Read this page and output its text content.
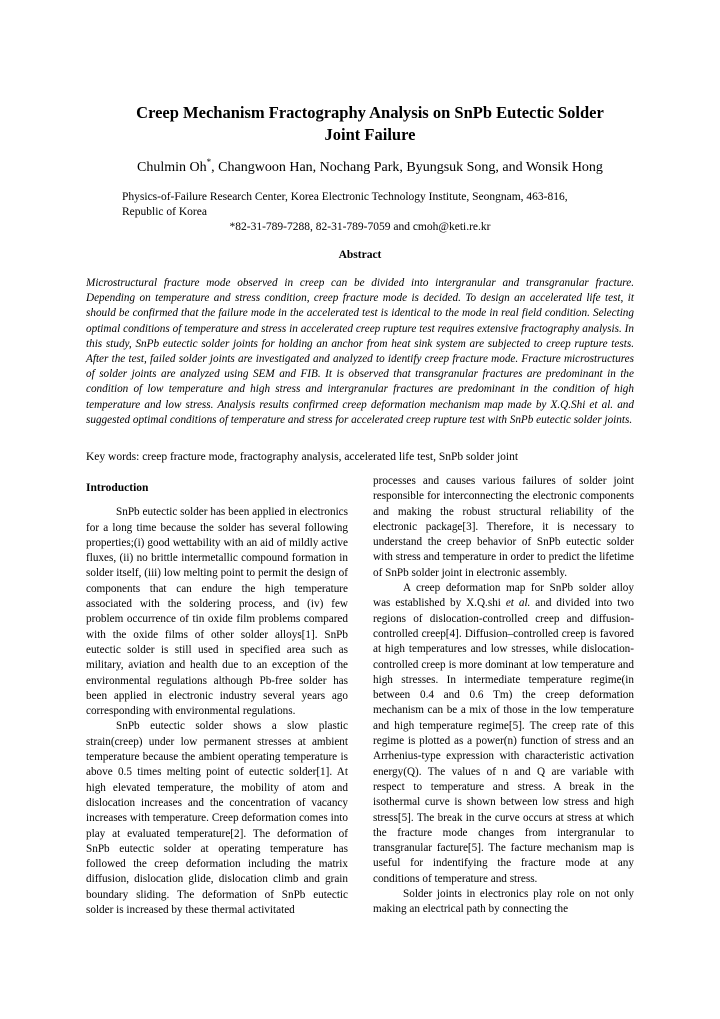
Creep Mechanism Fractography Analysis on SnPb Eutectic Solder
Joint Failure
Chulmin Oh*, Changwoon Han, Nochang Park, Byungsuk Song, and Wonsik Hong
Physics-of-Failure Research Center, Korea Electronic Technology Institute, Seongnam, 463-816,
Republic of Korea
*82-31-789-7288, 82-31-789-7059 and cmoh@keti.re.kr
Abstract

Microstructural fracture mode observed in creep can be divided into intergranular and transgranular fracture. Depending on temperature and stress condition, creep fracture mode is decided. To design an accelerated life test, it should be confirmed that the failure mode in the accelerated test is identical to the mode in real field condition. Selecting optimal conditions of temperature and stress in accelerated creep rupture test requires extensive fractography analysis. In this study, SnPb eutectic solder joints for holding an anchor from heat sink system are subjected to creep rupture tests. After the test, failed solder joints are investigated and analyzed to identify creep fracture mode. Fracture microstructures of solder joints are analyzed using SEM and FIB. It is observed that transgranular fractures are predominant in the condition of low temperature and high stress and intergranular fractures are predominant in the condition of high temperature and low stress. Analysis results confirmed creep deformation mechanism map made by X.Q.Shi et al. and suggested optimal conditions of temperature and stress for accelerated creep rupture test with SnPb eutectic solder joints.

Key words: creep fracture mode, fractography analysis, accelerated life test, SnPb solder joint
Introduction

SnPb eutectic solder has been applied in electronics for a long time because the solder has several following properties;(i) good wettability with an aid of mildly active fluxes, (ii) no brittle intermetallic compound formation in solder itself, (iii) low melting point to permit the design of components that can endure the high temperature associated with the soldering process, and (iv) few problem occurrence of tin oxide film problems compared with the oxide films of other solder alloys[1]. SnPb eutectic solder is still used in specified area such as military, aviation and health due to an exception of the environmental regulations although Pb-free solder has been applied in electronic industry several years ago corresponding with environmental regulations.

SnPb eutectic solder shows a slow plastic strain(creep) under low permanent stresses at ambient temperature because the ambient operating temperature is above 0.5 times melting point of eutectic solder[1]. At high elevated temperature, the mobility of atom and dislocation increases and the concentration of vacancy increases with temperature. Creep deformation comes into play at evaluated temperature[2]. The deformation of SnPb eutectic solder at operating temperature has followed the creep deformation including the matrix diffusion, dislocation glide, dislocation climb and grain boundary sliding. The deformation of SnPb eutectic solder is increased by these thermal activitated

processes and causes various failures of solder joint responsible for interconnecting the electronic components and making the robust structural reliability of the electronic package[3]. Therefore, it is necessary to understand the creep behavior of SnPb eutectic solder with stress and temperature in order to predict the lifetime of SnPb solder joint in electronic assembly.

A creep deformation map for SnPb solder alloy was established by X.Q.shi et al. and divided into two regions of dislocation-controlled creep and diffusion-controlled creep[4]. Diffusion–controlled creep is favored at high temperatures and low stresses, while dislocation-controlled creep is more dominant at low temperature and high stresses. In intermediate temperature regime(in between 0.4 and 0.6 Tm) the creep deformation mechanism can be a mix of those in the low temperature and high temperature regime[5]. The creep rate of this regime is plotted as a power(n) function of stress and an Arrhenius-type expression with characteristic activation energy(Q). The values of n and Q are variable with respect to temperature and stress. A break in the isothermal curve is shown between low stress and high stress[5]. The break in the curve occurs at stress at which the fracture mode changes from intergranular to transgranular facture[5]. The facture mechanism map is useful for indentifying the fracture mode at any conditions of temperature and stress.

Solder joints in electronics play role on not only making an electrical path by connecting the
